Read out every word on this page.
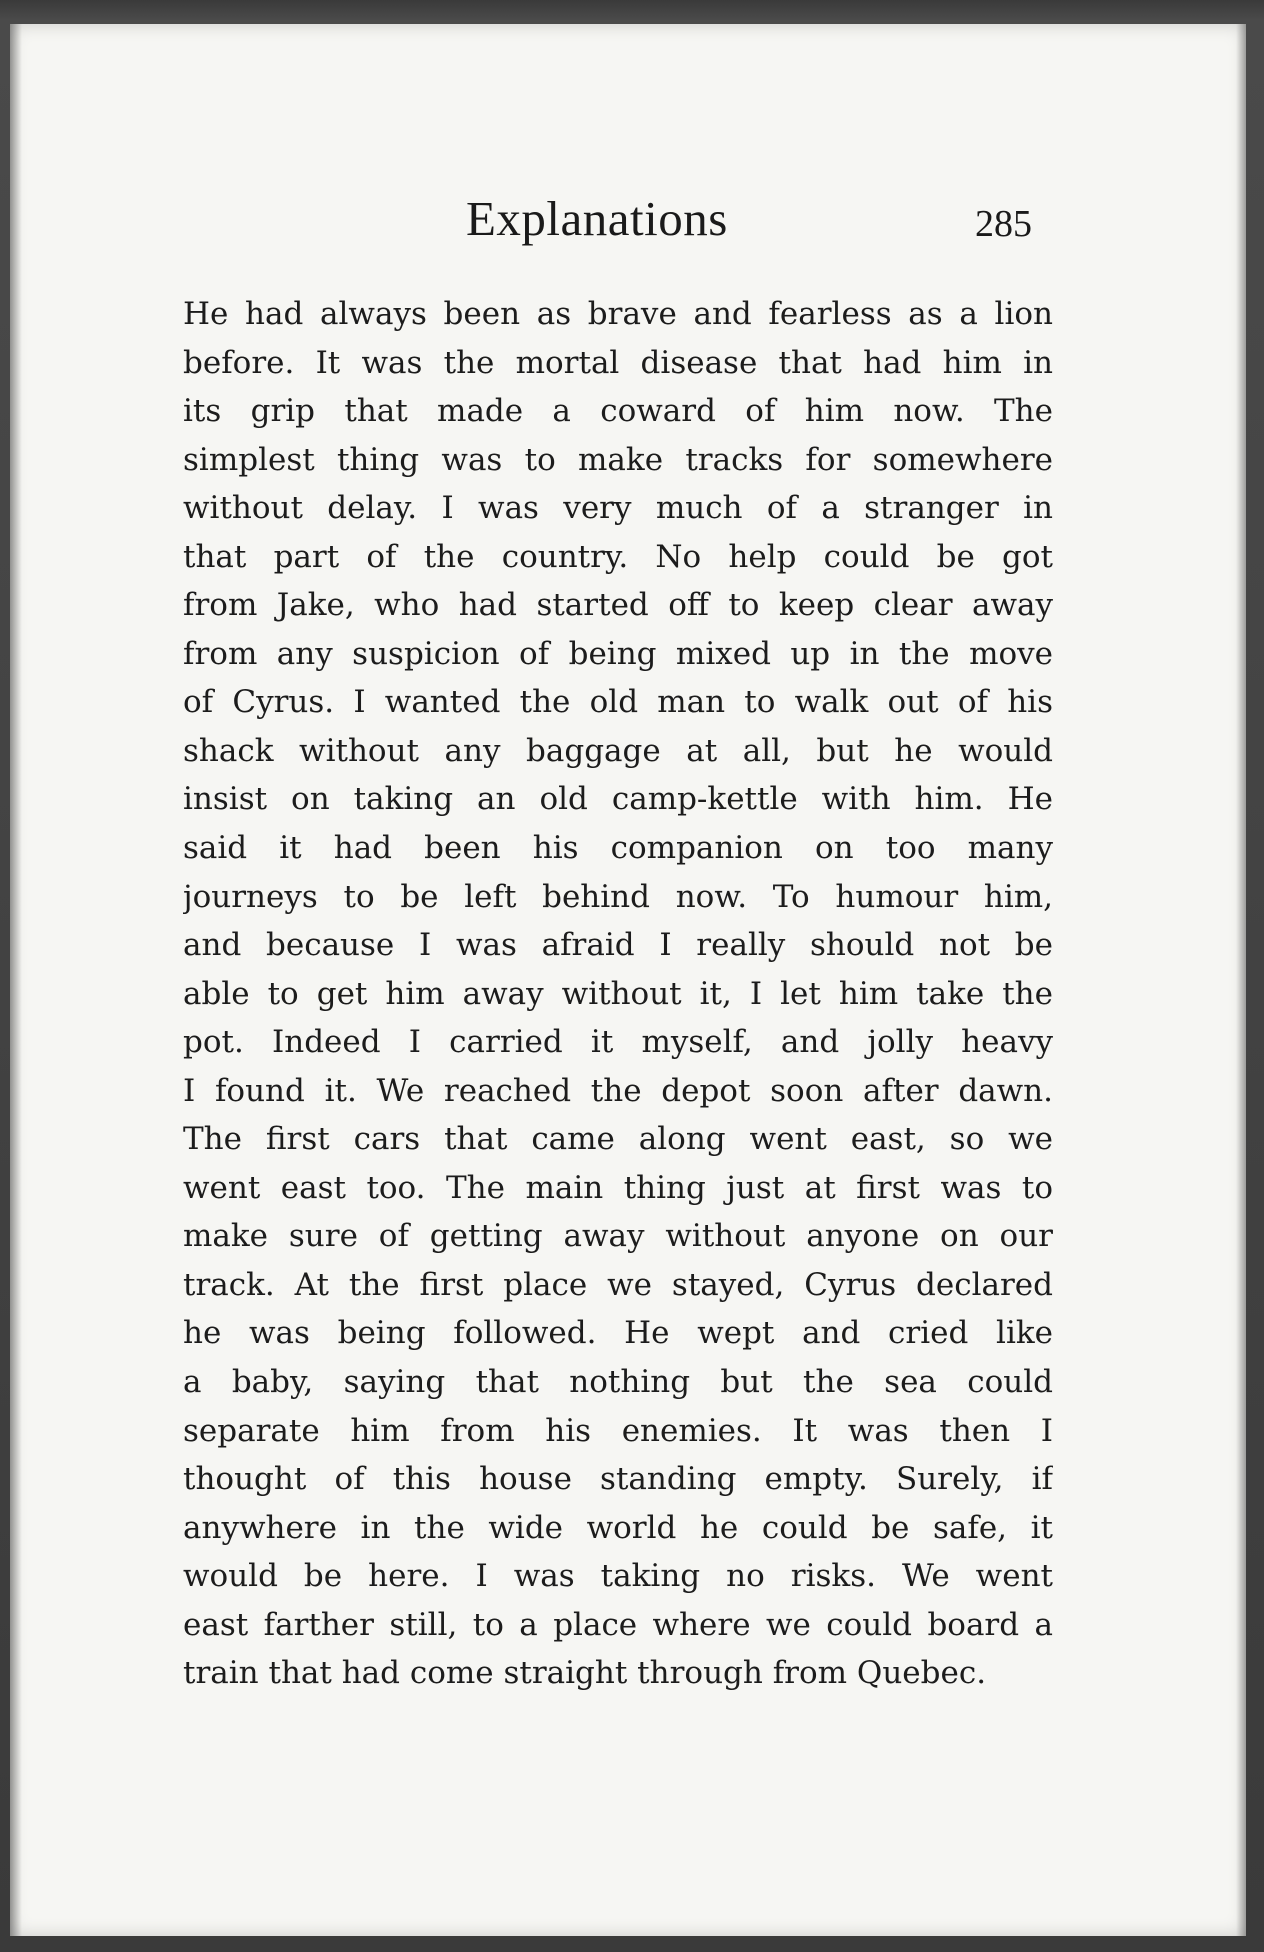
Explanations	285
He had always been as brave and fearless as a lion
before. It was the mortal disease that had him in
its grip that made a coward of him now. The
simplest thing was to make tracks for somewhere
without delay. I was very much of a stranger in
that part of the country. No help could be got
from Jake, who had started off to keep clear away
from any suspicion of being mixed up in the move
of Cyrus. I wanted the old man to walk out of his
shack without any baggage at all, but he would
insist on taking an old camp-kettle with him. He
said it had been his companion on too many
journeys to be left behind now. To humour him,
and because I was afraid I really should not be
able to get him away without it, I let him take the
pot. Indeed I carried it myself, and jolly heavy
I found it. We reached the depot soon after dawn.
The first cars that came along went east, so we
went east too. The main thing just at first was to
make sure of getting away without anyone on our
track. At the first place we stayed, Cyrus declared
he was being followed. He wept and cried like
a baby, saying that nothing but the sea could
separate him from his enemies. It was then I
thought of this house standing empty. Surely, if
anywhere in the wide world he could be safe, it
would be here. I was taking no risks. We went
east farther still, to a place where we could board a
train that had come straight through from Quebec.
